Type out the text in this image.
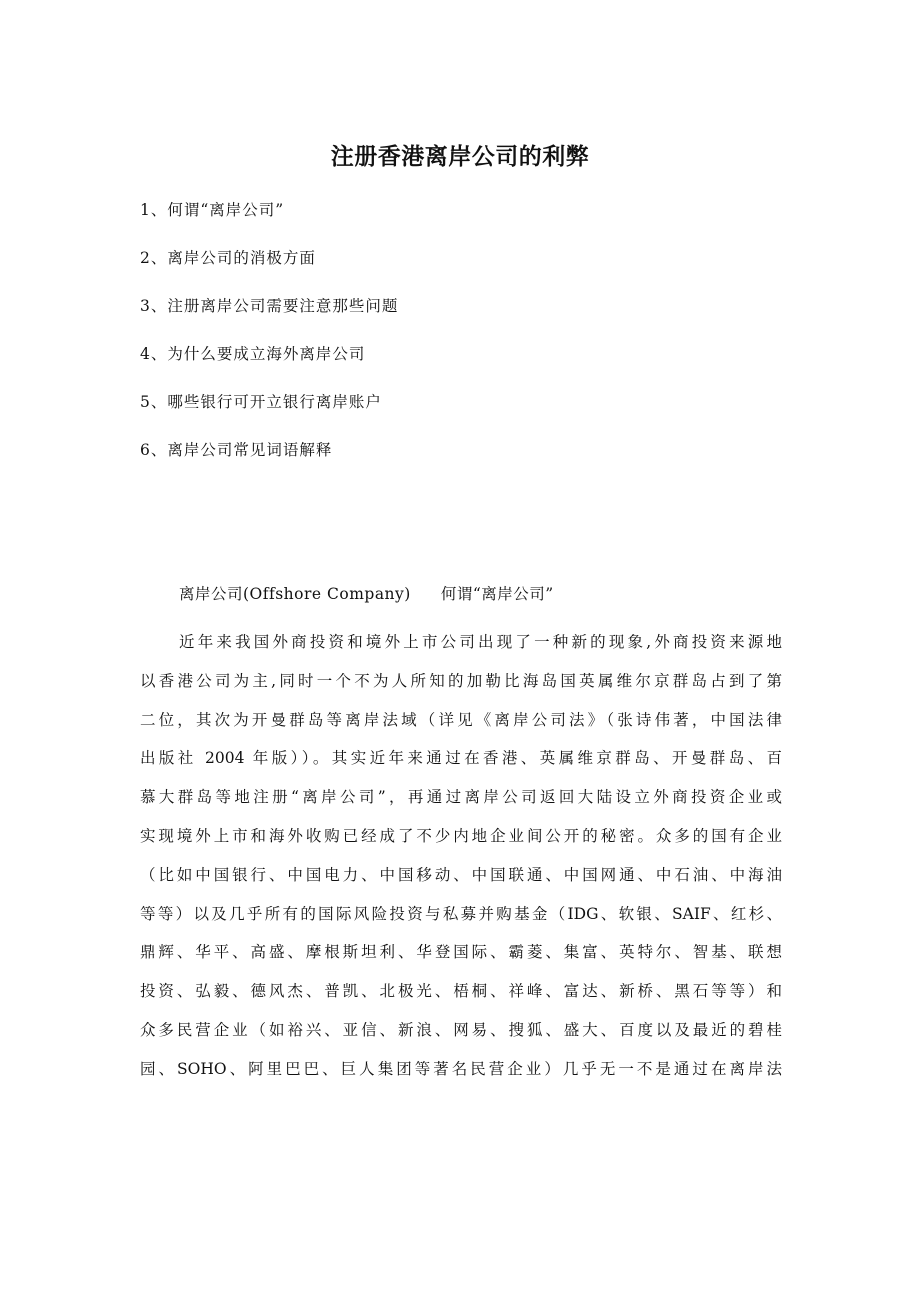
注册香港离岸公司的利弊
1、何谓“离岸公司”
2、离岸公司的消极方面
3、注册离岸公司需要注意那些问题
4、为什么要成立海外离岸公司
5、哪些银行可开立银行离岸账户
6、离岸公司常见词语解释
离岸公司(Offshore Company) 何谓“离岸公司”
近年来我国外商投资和境外上市公司出现了一种新的现象,外商投资来源地
以香港公司为主,同时一个不为人所知的加勒比海岛国英属维尔京群岛占到了第
二位，其次为开曼群岛等离岸法域（详见《离岸公司法》（张诗伟著，中国法律
出版社 2004 年版））。其实近年来通过在香港、英属维京群岛、开曼群岛、百
慕大群岛等地注册“离岸公司”，再通过离岸公司返回大陆设立外商投资企业或
实现境外上市和海外收购已经成了不少内地企业间公开的秘密。众多的国有企业
（比如中国银行、中国电力、中国移动、中国联通、中国网通、中石油、中海油
等等）以及几乎所有的国际风险投资与私募并购基金（IDG、软银、SAIF、红杉、
鼎辉、华平、高盛、摩根斯坦利、华登国际、霸菱、集富、英特尔、智基、联想
投资、弘毅、德风杰、普凯、北极光、梧桐、祥峰、富达、新桥、黑石等等）和
众多民营企业（如裕兴、亚信、新浪、网易、搜狐、盛大、百度以及最近的碧桂
园、SOHO、阿里巴巴、巨人集团等著名民营企业）几乎无一不是通过在离岸法
